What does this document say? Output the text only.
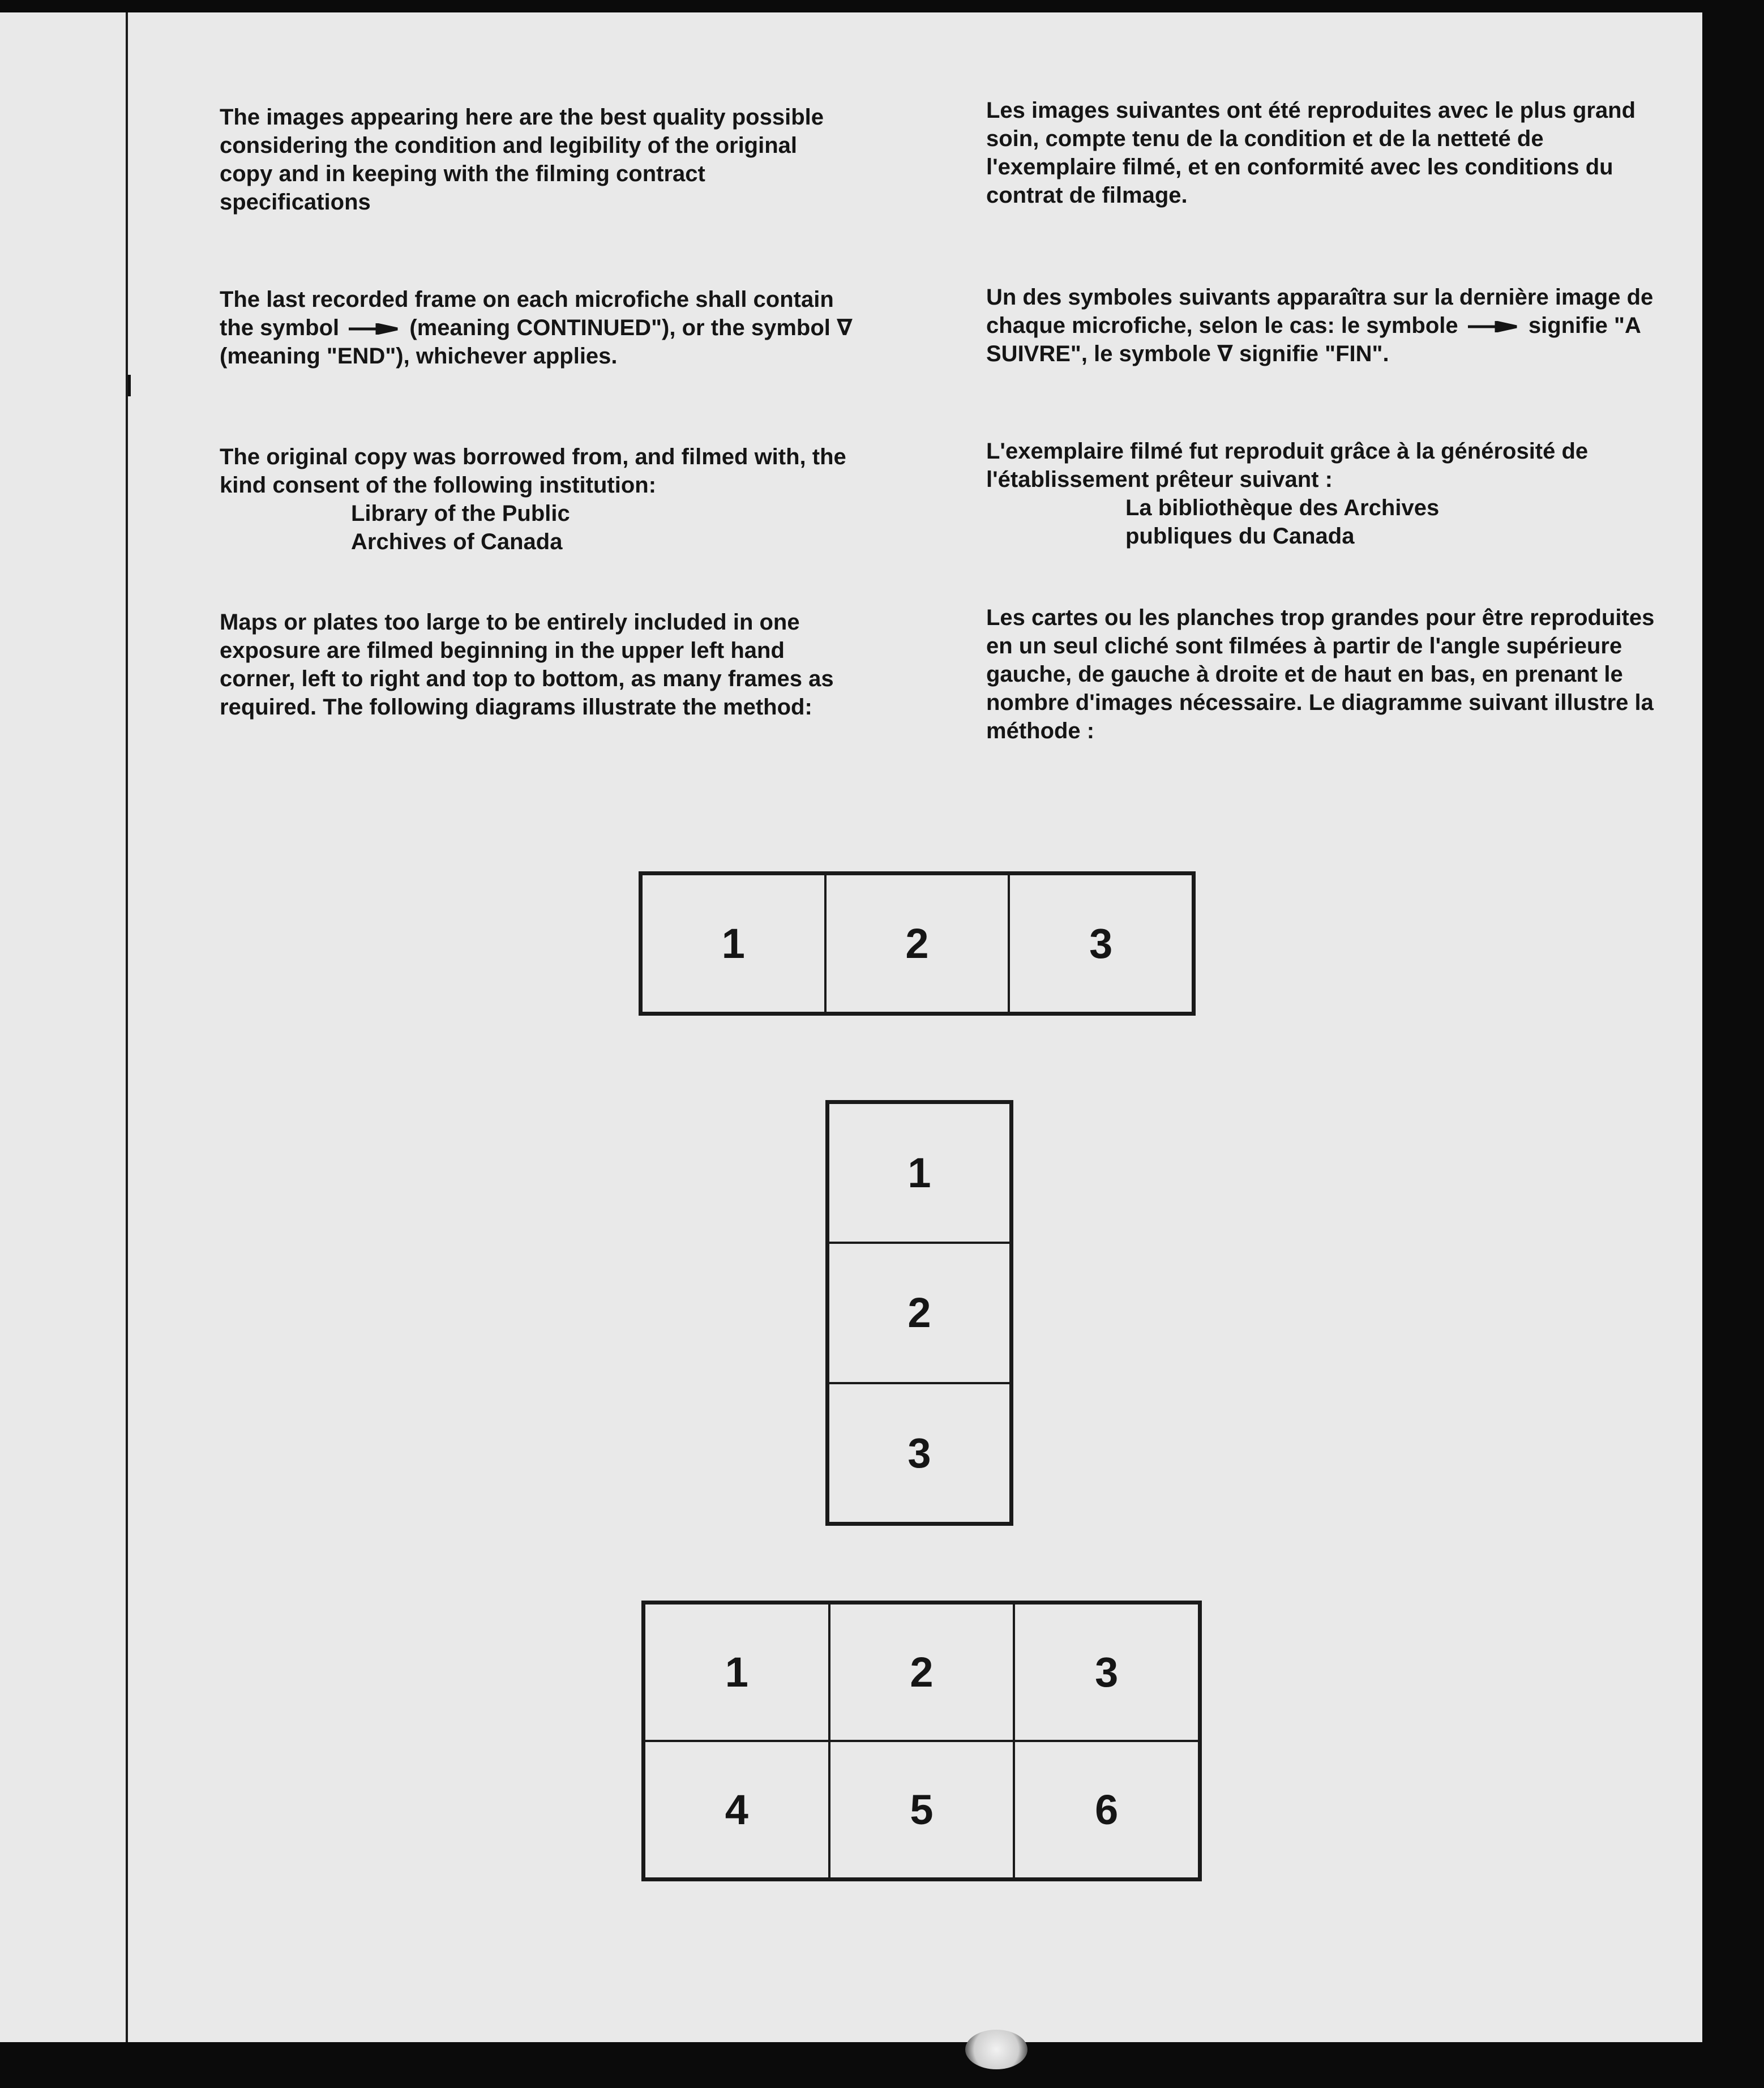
The images appearing here are the best quality possible considering the condition and legibility of the original copy and in keeping with the filming contract specifications

The last recorded frame on each microfiche shall contain the symbol	(meaning CONTINUED"), or the symbol ∇ (meaning "END"), whichever applies.

The original copy was borrowed from, and filmed with, the kind consent of the following institution:
Library of the Public
Archives of Canada

Maps or plates too large to be entirely included in one exposure are filmed beginning in the upper left hand corner, left to right and top to bottom, as many frames as required. The following diagrams illustrate the method:

Les images suivantes ont été reproduites avec le plus grand soin, compte tenu de la condition et de la netteté de l'exemplaire filmé, et en conformité avec les conditions du contrat de filmage.

Un des symboles suivants apparaîtra sur la dernière image de chaque microfiche, selon le cas: le symbole	signifie "A SUIVRE", le symbole ∇ signifie "FIN".

L'exemplaire filmé fut reproduit grâce à la générosité de l'établissement prêteur suivant :
La bibliothèque des Archives
publiques du Canada

Les cartes ou les planches trop grandes pour être reproduites en un seul cliché sont filmées à partir de l'angle supérieure gauche, de gauche à droite et de haut en bas, en prenant le nombre d'images nécessaire. Le diagramme suivant illustre la méthode :

1	2	3
1
2
3
1	2	3
4	5	6
